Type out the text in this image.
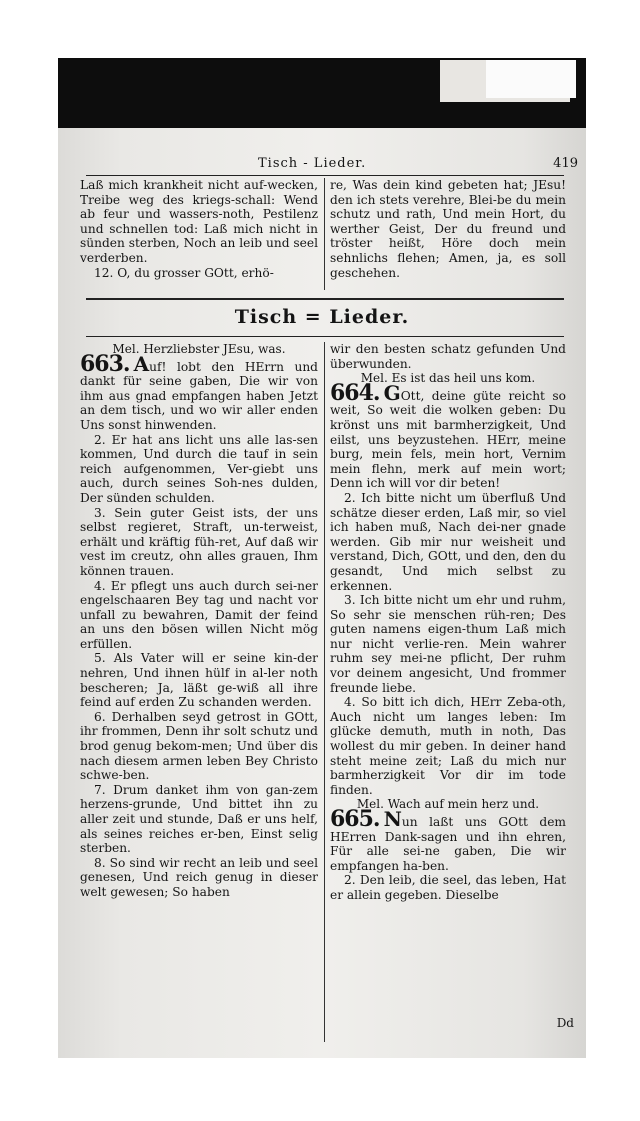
Tisch - Lieder.	419

Laß mich krankheit nicht auf-wecken, Treibe weg des kriegs-schall: Wend ab feur und wassers-noth, Pestilenz und schnellen tod: Laß mich nicht in sünden sterben, Noch an leib und seel verderben.

12. O, du grosser GOtt, erhö-

re, Was dein kind gebeten hat; JEsu! den ich stets verehre, Blei-be du mein schutz und rath, Und mein Hort, du werther Geist, Der du freund und tröster heißt, Höre doch mein sehnlichs flehen; Amen, ja, es soll geschehen.

Tisch = Lieder.

Mel. Herzliebster JEsu, was.

663. Auf! lobt den HErrn und dankt für seine gaben, Die wir von ihm aus gnad empfangen haben Jetzt an dem tisch, und wo wir aller enden Uns sonst hinwenden.

2. Er hat ans licht uns alle las-sen kommen, Und durch die tauf in sein reich aufgenommen, Ver-giebt uns auch, durch seines Soh-nes dulden, Der sünden schulden.

3. Sein guter Geist ists, der uns selbst regieret, Straft, un-terweist, erhält und kräftig füh-ret, Auf daß wir vest im creutz, ohn alles grauen, Ihm können trauen.

4. Er pflegt uns auch durch sei-ner engelschaaren Bey tag und nacht vor unfall zu bewahren, Damit der feind an uns den bösen willen Nicht mög erfüllen.

5. Als Vater will er seine kin-der nehren, Und ihnen hülf in al-ler noth bescheren; Ja, läßt ge-wiß all ihre feind auf erden Zu schanden werden.

6. Derhalben seyd getrost in GOtt, ihr frommen, Denn ihr solt schutz und brod genug bekom-men; Und über dis nach diesem armen leben Bey Christo schwe-ben.

7. Drum danket ihm von gan-zem herzens-grunde, Und bittet ihn zu aller zeit und stunde, Daß er uns helf, als seines reiches er-ben, Einst selig sterben.

8. So sind wir recht an leib und seel genesen, Und reich genug in dieser welt gewesen; So haben

wir den besten schatz gefunden Und überwunden.

Mel. Es ist das heil uns kom.

664. GOtt, deine güte reicht so weit, So weit die wolken geben: Du krönst uns mit barmherzigkeit, Und eilst, uns beyzustehen. HErr, meine burg, mein fels, mein hort, Vernim mein flehn, merk auf mein wort; Denn ich will vor dir beten!

2. Ich bitte nicht um überfluß Und schätze dieser erden, Laß mir, so viel ich haben muß, Nach dei-ner gnade werden. Gib mir nur weisheit und verstand, Dich, GOtt, und den, den du gesandt, Und mich selbst zu erkennen.

3. Ich bitte nicht um ehr und ruhm, So sehr sie menschen rüh-ren; Des guten namens eigen-thum Laß mich nur nicht verlie-ren. Mein wahrer ruhm sey mei-ne pflicht, Der ruhm vor deinem angesicht, Und frommer freunde liebe.

4. So bitt ich dich, HErr Zeba-oth, Auch nicht um langes leben: Im glücke demuth, muth in noth, Das wollest du mir geben. In deiner hand steht meine zeit; Laß du mich nur barmherzigkeit Vor dir im tode finden.

Mel. Wach auf mein herz und.

665. Nun laßt uns GOtt dem HErren Dank-sagen und ihn ehren, Für alle sei-ne gaben, Die wir empfangen ha-ben.

2. Den leib, die seel, das leben, Hat er allein gegeben. Dieselbe

Dd
